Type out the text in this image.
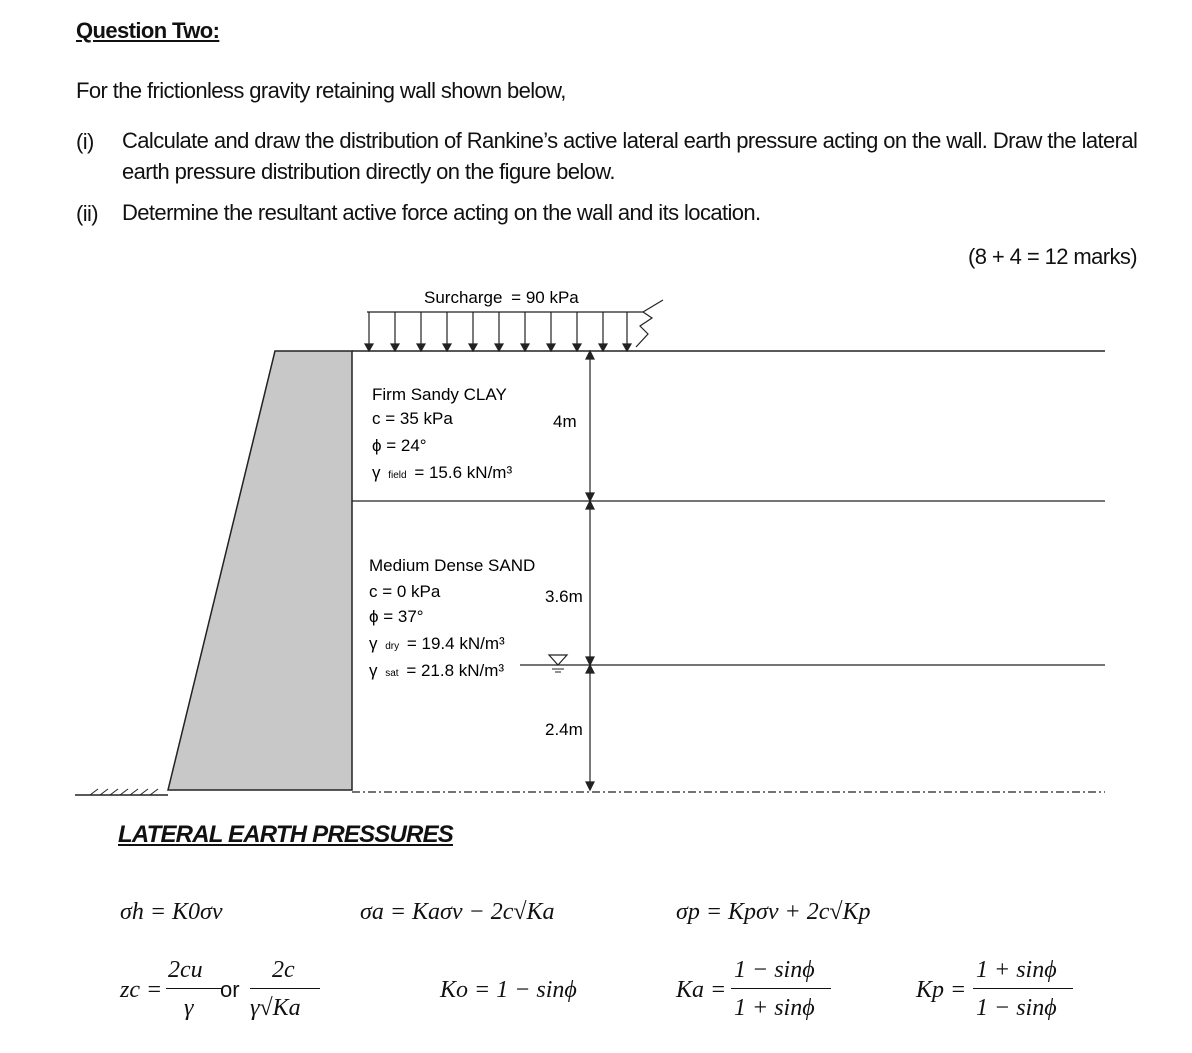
Question Two:
For the frictionless gravity retaining wall shown below,
(i) Calculate and draw the distribution of Rankine’s active lateral earth pressure acting on the wall. Draw the lateral earth pressure distribution directly on the figure below.
(ii) Determine the resultant active force acting on the wall and its location.
(8 + 4 = 12 marks)
Surcharge = 90 kPa
Firm Sandy CLAY
c = 35 kPa
ϕ = 24°
γ field = 15.6 kN/m³
4m
Medium Dense SAND
c = 0 kPa
ϕ = 37°
γ dry = 19.4 kN/m³
γ sat = 21.8 kN/m³
3.6m
2.4m
LATERAL EARTH PRESSURES
σh = K0σv	σa = Kaσv − 2c√Ka	σp = Kpσv + 2c√Kp
zc =
2cu
γ
or
2c
γ√Ka
Ko = 1 − sinϕ	Ka =
1 − sinϕ
1 + sinϕ
Kp =
1 + sinϕ
1 − sinϕ
